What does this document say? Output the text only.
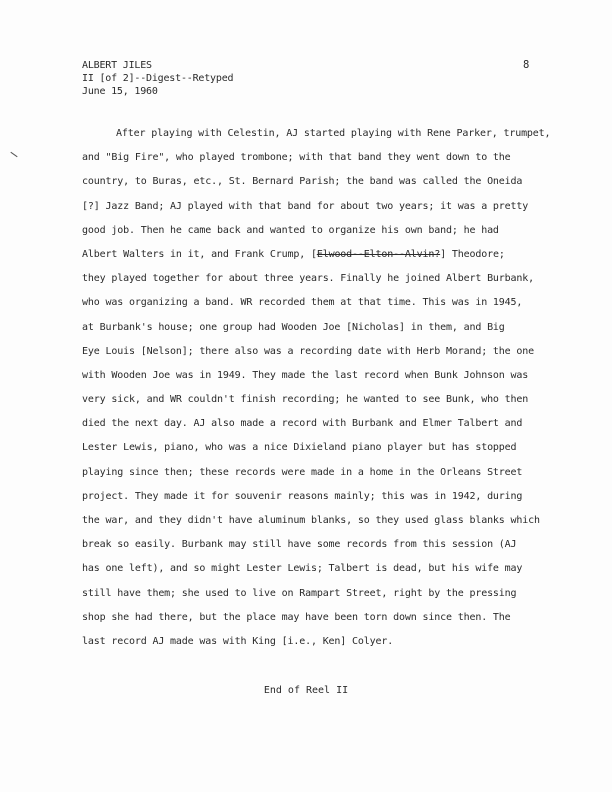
ALBERT JILES
II [of 2]--Digest--Retyped
June 15, 1960
8
After playing with Celestin, AJ started playing with Rene Parker, trumpet,
and "Big Fire", who played trombone; with that band they went down to the
country, to Buras, etc., St. Bernard Parish; the band was called the Oneida
[?] Jazz Band; AJ played with that band for about two years; it was a pretty
good job. Then he came back and wanted to organize his own band; he had
Albert Walters in it, and Frank Crump, [Elwood--Elton--Alvin?] Theodore;
they played together for about three years. Finally he joined Albert Burbank,
who was organizing a band. WR recorded them at that time. This was in 1945,
at Burbank's house; one group had Wooden Joe [Nicholas] in them, and Big
Eye Louis [Nelson]; there also was a recording date with Herb Morand; the one
with Wooden Joe was in 1949. They made the last record when Bunk Johnson was
very sick, and WR couldn't finish recording; he wanted to see Bunk, who then
died the next day. AJ also made a record with Burbank and Elmer Talbert and
Lester Lewis, piano, who was a nice Dixieland piano player but has stopped
playing since then; these records were made in a home in the Orleans Street
project. They made it for souvenir reasons mainly; this was in 1942, during
the war, and they didn't have aluminum blanks, so they used glass blanks which
break so easily. Burbank may still have some records from this session (AJ
has one left), and so might Lester Lewis; Talbert is dead, but his wife may
still have them; she used to live on Rampart Street, right by the pressing
shop she had there, but the place may have been torn down since then. The
last record AJ made was with King [i.e., Ken] Colyer.
End of Reel II
